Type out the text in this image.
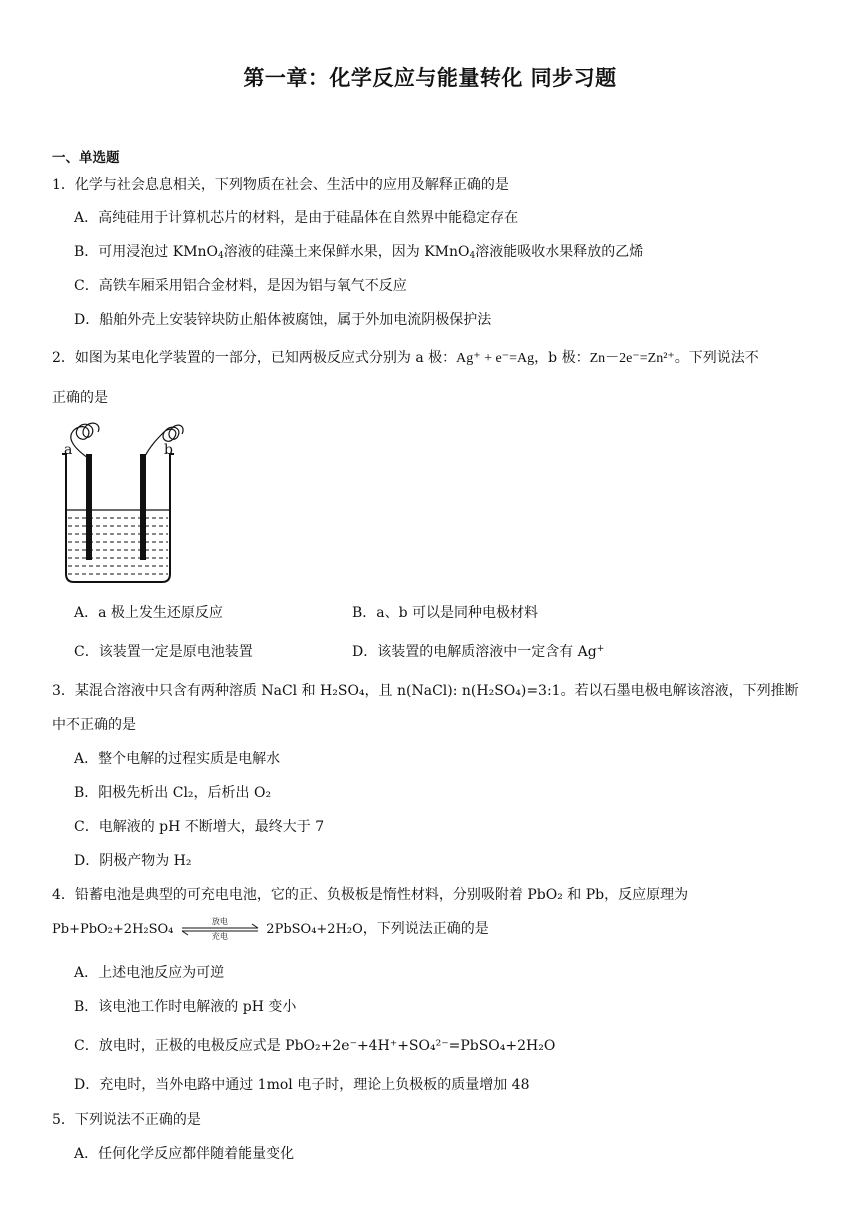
第一章：化学反应与能量转化 同步习题
一、单选题
1．化学与社会息息相关，下列物质在社会、生活中的应用及解释正确的是
A．高纯硅用于计算机芯片的材料，是由于硅晶体在自然界中能稳定存在
B．可用浸泡过 KMnO$_4$溶液的硅藻土来保鲜水果，因为 KMnO$_4$溶液能吸收水果释放的乙烯
C．高铁车厢采用铝合金材料，是因为铝与氧气不反应
D．船舶外壳上安装锌块防止船体被腐蚀，属于外加电流阴极保护法
2．如图为某电化学装置的一部分，已知两极反应式分别为 a 极：Ag⁺ + e⁻=Ag，b 极：Zn－2e⁻=Zn²⁺。下列说法不
正确的是
a	b
A．a 极上发生还原反应	B．a、b 可以是同种电极材料
C．该装置一定是原电池装置	D．该装置的电解质溶液中一定含有 Ag+
3．某混合溶液中只含有两种溶质 NaCl 和 H₂SO₄，且 n(NaCl): n(H₂SO₄)=3:1。若以石墨电极电解该溶液，下列推断
中不正确的是
A．整个电解的过程实质是电解水
B．阳极先析出 Cl₂，后析出 O₂
C．电解液的 pH 不断增大，最终大于 7
D．阴极产物为 H₂
4．铅蓄电池是典型的可充电电池，它的正、负极板是惰性材料，分别吸附着 PbO₂ 和 Pb，反应原理为
Pb+PbO₂+2H₂SO₄
放电
充电	2PbSO₄+2H₂O，下列说法正确的是
A．上述电池反应为可逆
B．该电池工作时电解液的 pH 变小
C．放电时，正极的电极反应式是 PbO₂+2e⁻+4H⁺+SO₄²⁻=PbSO₄+2H₂O
D．充电时，当外电路中通过 1mol 电子时，理论上负极板的质量增加 48
5．下列说法不正确的是
A．任何化学反应都伴随着能量变化
